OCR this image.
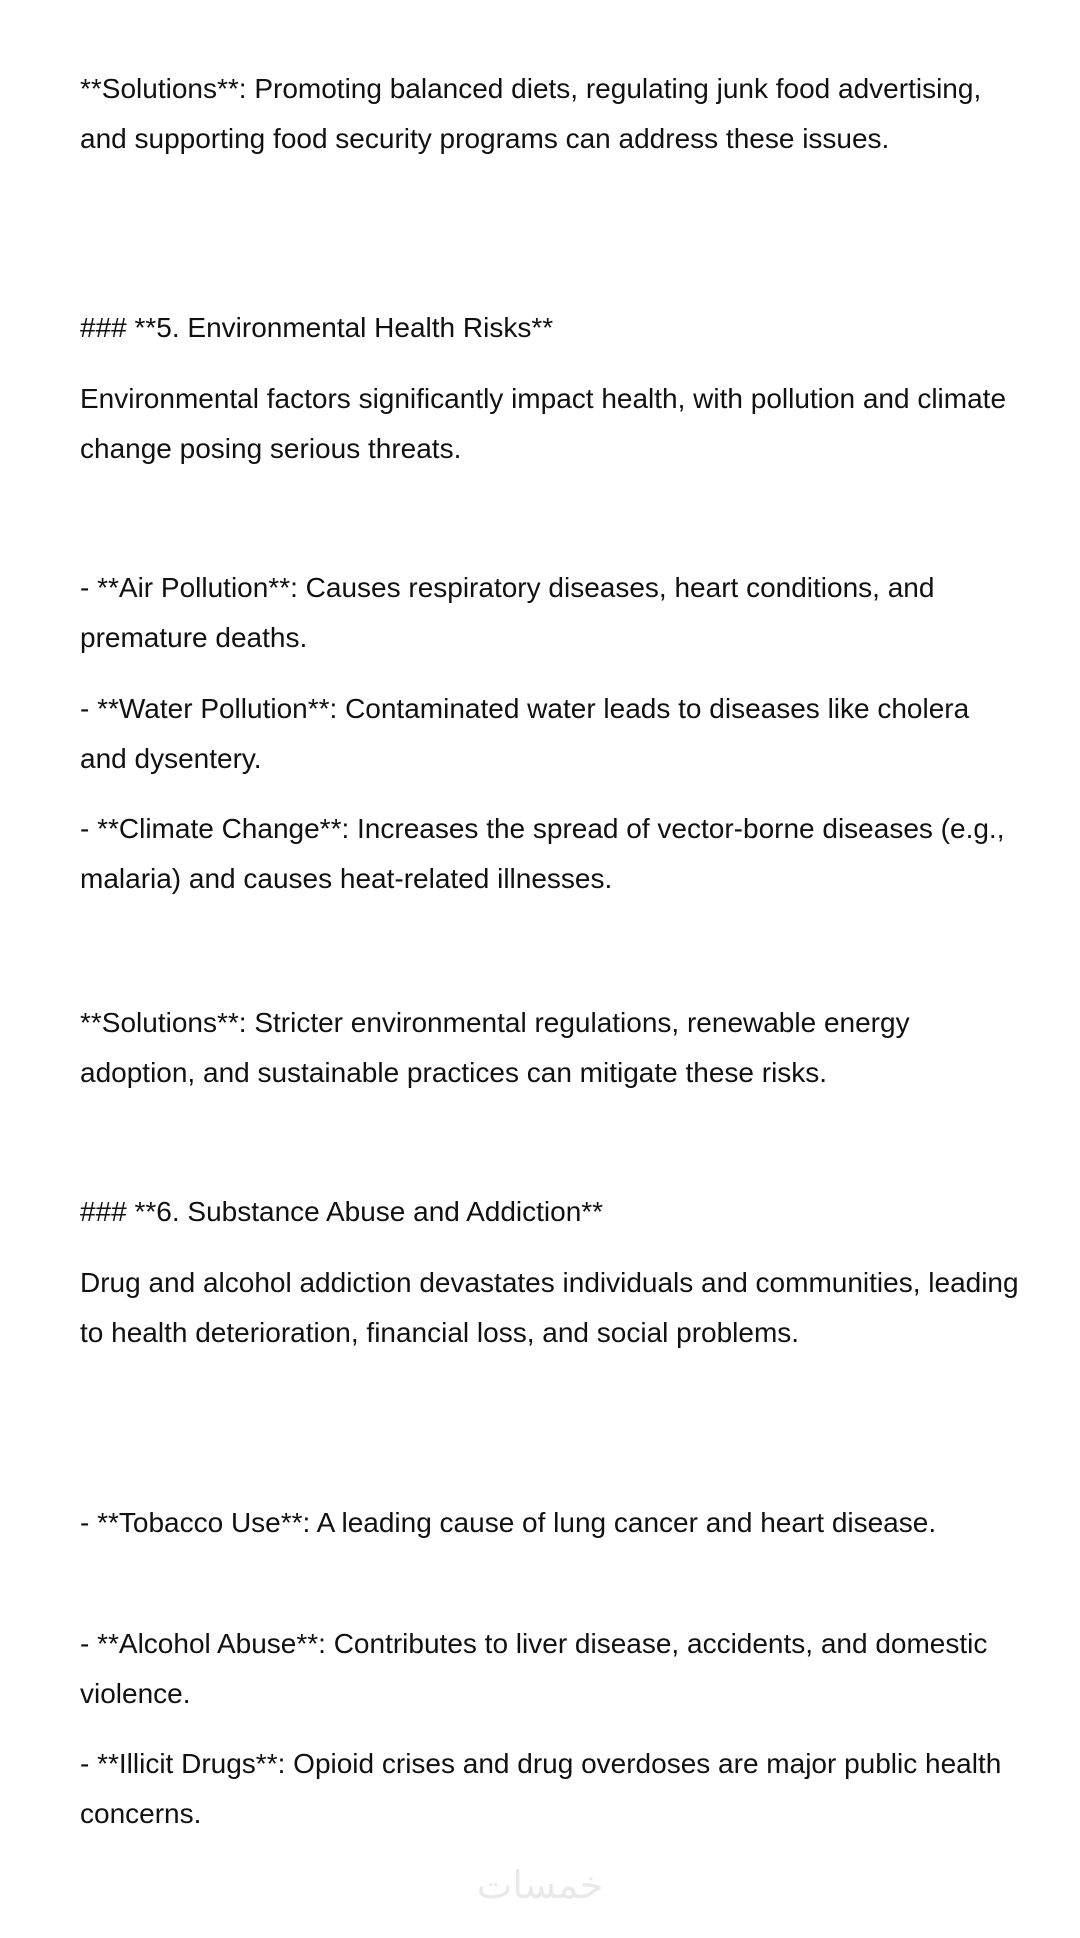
**Solutions**: Promoting balanced diets, regulating junk food advertising, and supporting food security programs can address these issues.

### **5. Environmental Health Risks**

Environmental factors significantly impact health, with pollution and climate change posing serious threats.

- **Air Pollution**: Causes respiratory diseases, heart conditions, and premature deaths.

- **Water Pollution**: Contaminated water leads to diseases like cholera and dysentery.

- **Climate Change**: Increases the spread of vector-borne diseases (e.g., malaria) and causes heat-related illnesses.

**Solutions**: Stricter environmental regulations, renewable energy adoption, and sustainable practices can mitigate these risks.

### **6. Substance Abuse and Addiction**

Drug and alcohol addiction devastates individuals and communities, leading to health deterioration, financial loss, and social problems.

- **Tobacco Use**: A leading cause of lung cancer and heart disease.

- **Alcohol Abuse**: Contributes to liver disease, accidents, and domestic violence.

- **Illicit Drugs**: Opioid crises and drug overdoses are major public health concerns.

خمسات
